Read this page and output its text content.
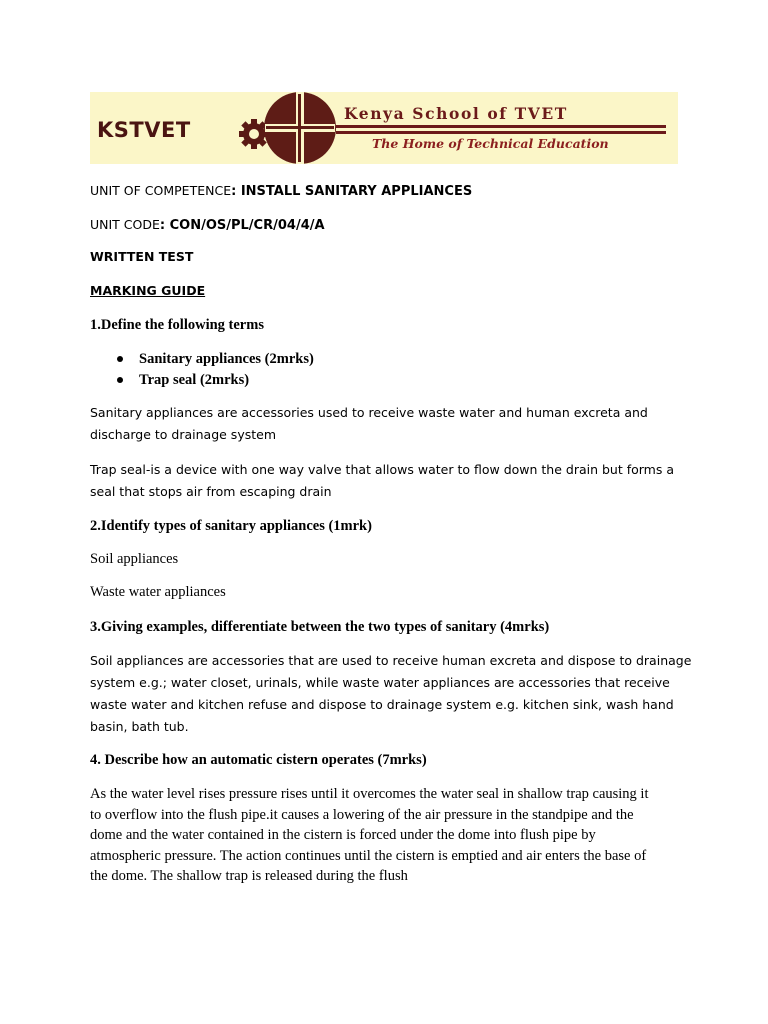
KSTVET
Kenya School of TVET
The Home of Technical Education
UNIT OF COMPETENCE: INSTALL SANITARY APPLIANCES
UNIT CODE: CON/OS/PL/CR/04/4/A
WRITTEN TEST
MARKING GUIDE
1.Define the following terms
Sanitary appliances (2mrks)
Trap seal (2mrks)
Sanitary appliances are accessories used to receive waste water and human excreta and
discharge to drainage system
Trap seal-is a device with one way valve that allows water to flow down the drain but forms a
seal that stops air from escaping drain
2.Identify types of sanitary appliances (1mrk)
Soil appliances
Waste water appliances
3.Giving examples, differentiate between the two types of sanitary (4mrks)
Soil appliances are accessories that are used to receive human excreta and dispose to drainage
system e.g.; water closet, urinals, while waste water appliances are accessories that receive
waste water and kitchen refuse and dispose to drainage system e.g. kitchen sink, wash hand
basin, bath tub.
4. Describe how an automatic cistern operates (7mrks)
As the water level rises pressure rises until it overcomes the water seal in shallow trap causing it
to overflow into the flush pipe.it causes a lowering of the air pressure in the standpipe and the
dome and the water contained in the cistern is forced under the dome into flush pipe by
atmospheric pressure. The action continues until the cistern is emptied and air enters the base of
the dome. The shallow trap is released during the flush
